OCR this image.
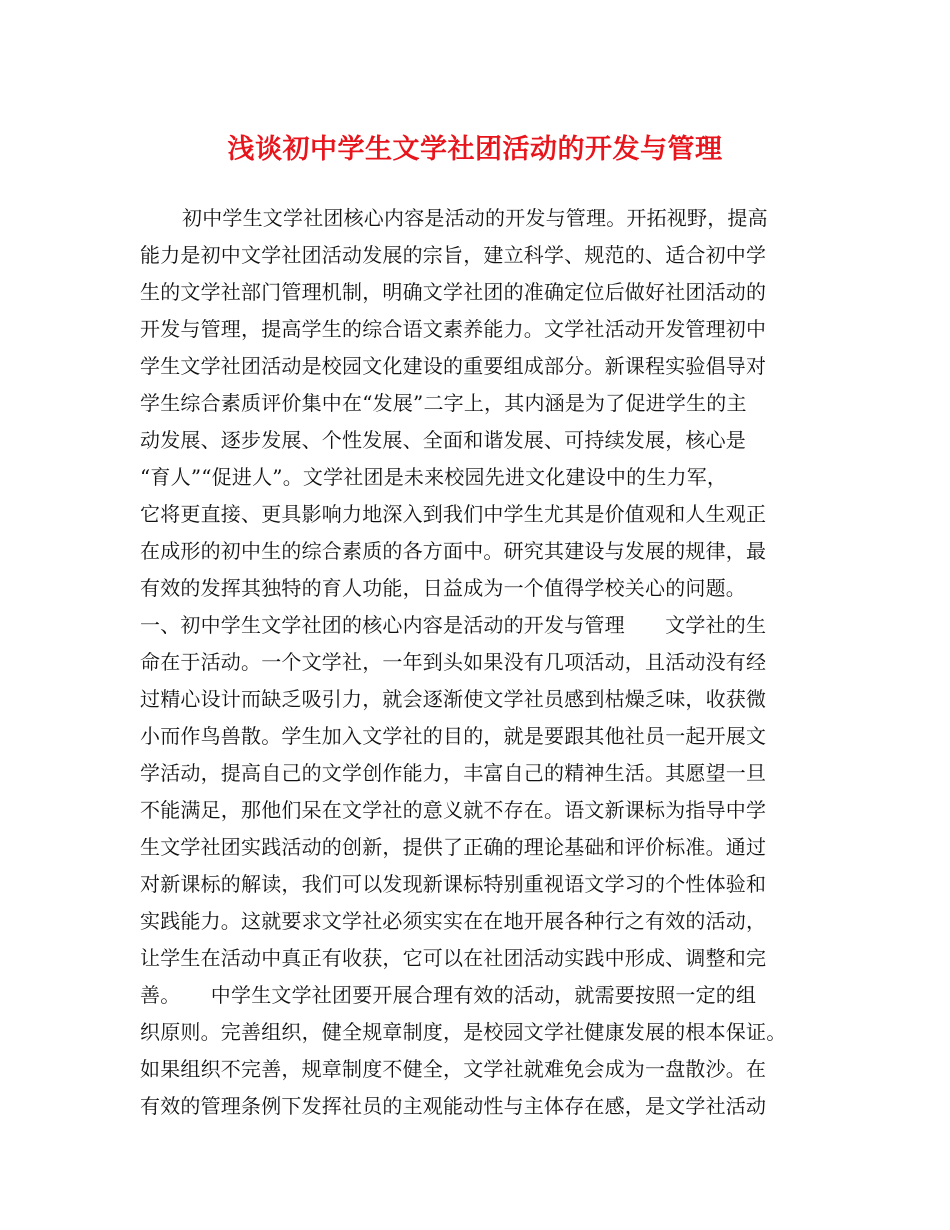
浅谈初中学生文学社团活动的开发与管理
初中学生文学社团核心内容是活动的开发与管理。开拓视野，提高
能力是初中文学社团活动发展的宗旨，建立科学、规范的、适合初中学
生的文学社部门管理机制，明确文学社团的准确定位后做好社团活动的
开发与管理，提高学生的综合语文素养能力。文学社活动开发管理初中
学生文学社团活动是校园文化建设的重要组成部分。新课程实验倡导对
学生综合素质评价集中在“发展”二字上，其内涵是为了促进学生的主
动发展、逐步发展、个性发展、全面和谐发展、可持续发展，核心是
“育人”“促进人”。文学社团是未来校园先进文化建设中的生力军，
它将更直接、更具影响力地深入到我们中学生尤其是价值观和人生观正
在成形的初中生的综合素质的各方面中。研究其建设与发展的规律，最
有效的发挥其独特的育人功能，日益成为一个值得学校关心的问题。
一、初中学生文学社团的核心内容是活动的开发与管理　　文学社的生
命在于活动。一个文学社，一年到头如果没有几项活动，且活动没有经
过精心设计而缺乏吸引力，就会逐渐使文学社员感到枯燥乏味，收获微
小而作鸟兽散。学生加入文学社的目的，就是要跟其他社员一起开展文
学活动，提高自己的文学创作能力，丰富自己的精神生活。其愿望一旦
不能满足，那他们呆在文学社的意义就不存在。语文新课标为指导中学
生文学社团实践活动的创新，提供了正确的理论基础和评价标准。通过
对新课标的解读，我们可以发现新课标特别重视语文学习的个性体验和
实践能力。这就要求文学社必须实实在在地开展各种行之有效的活动，
让学生在活动中真正有收获，它可以在社团活动实践中形成、调整和完
善。　　中学生文学社团要开展合理有效的活动，就需要按照一定的组
织原则。完善组织，健全规章制度，是校园文学社健康发展的根本保证。
如果组织不完善，规章制度不健全，文学社就难免会成为一盘散沙。在
有效的管理条例下发挥社员的主观能动性与主体存在感，是文学社活动
